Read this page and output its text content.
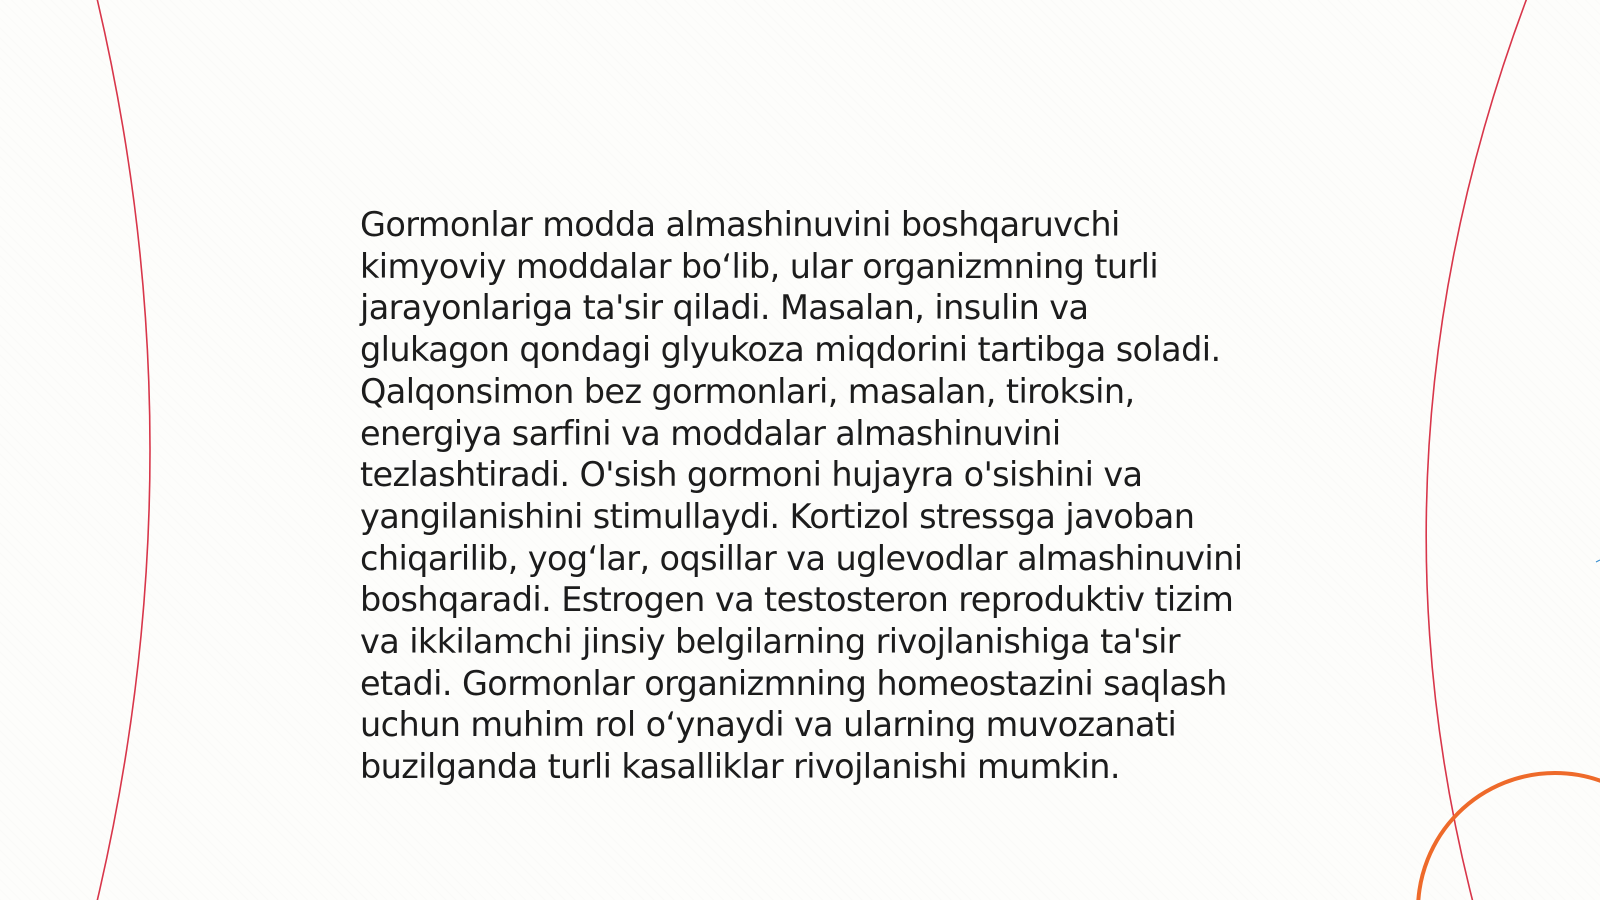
Gormonlar modda almashinuvini boshqaruvchi
kimyoviy moddalar bo‘lib, ular organizmning turli
jarayonlariga ta'sir qiladi. Masalan, insulin va
glukagon qondagi glyukoza miqdorini tartibga soladi.
Qalqonsimon bez gormonlari, masalan, tiroksin,
energiya sarfini va moddalar almashinuvini
tezlashtiradi. O'sish gormoni hujayra o'sishini va
yangilanishini stimullaydi. Kortizol stressga javoban
chiqarilib, yog‘lar, oqsillar va uglevodlar almashinuvini
boshqaradi. Estrogen va testosteron reproduktiv tizim
va ikkilamchi jinsiy belgilarning rivojlanishiga ta'sir
etadi. Gormonlar organizmning homeostazini saqlash
uchun muhim rol o‘ynaydi va ularning muvozanati
buzilganda turli kasalliklar rivojlanishi mumkin.
